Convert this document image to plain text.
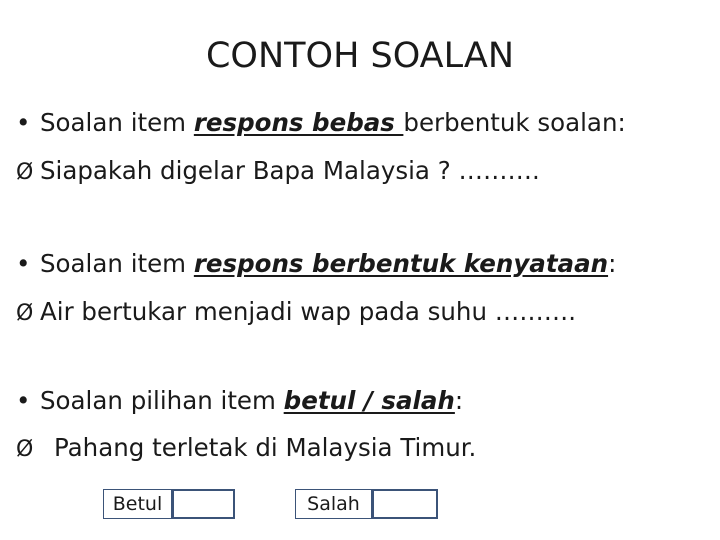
CONTOH SOALAN
• Soalan item respons bebas berbentuk soalan:
Ø Siapakah digelar Bapa Malaysia ? ……….
• Soalan item respons berbentuk kenyataan:
Ø Air bertukar menjadi wap pada suhu ……….
• Soalan pilihan item betul / salah:
Ø Pahang terletak di Malaysia Timur.
Betul	Salah
